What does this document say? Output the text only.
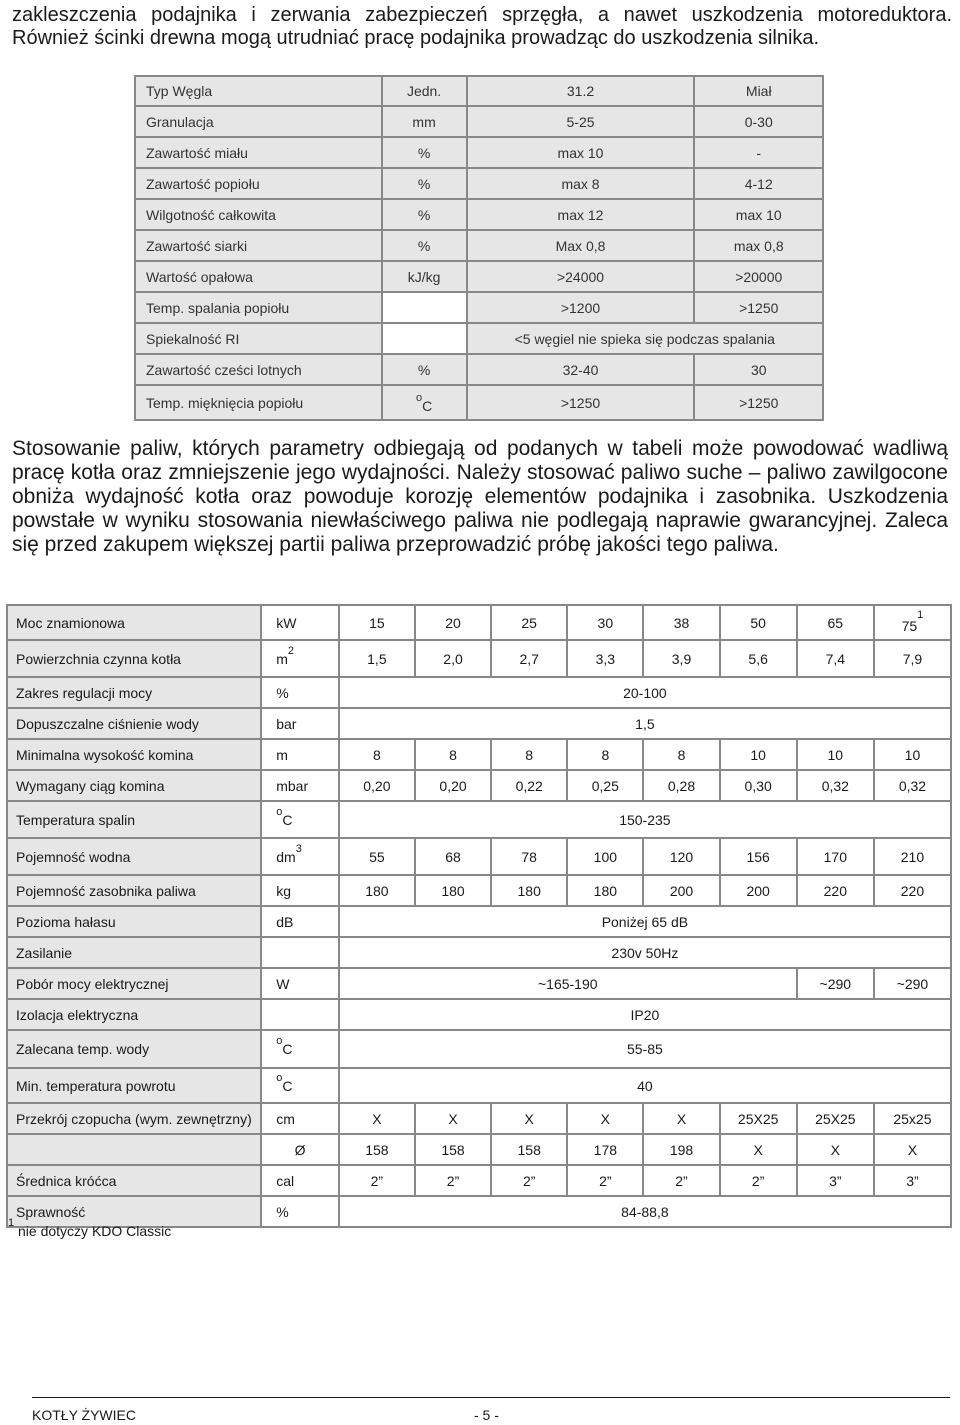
zakleszczenia podajnika i zerwania zabezpieczeń sprzęgła, a nawet uszkodzenia motoreduktora. Również ścinki drewna mogą utrudniać pracę podajnika prowadząc do uszkodzenia silnika.

Typ Węgla	Jedn.	31.2	Miał
Granulacja	mm	5-25	0-30
Zawartość miału	%	max 10	-
Zawartość popiołu	%	max 8	4-12
Wilgotność całkowita	%	max 12	max 10
Zawartość siarki	%	Max 0,8	max 0,8
Wartość opałowa	kJ/kg	>24000	>20000
Temp. spalania popiołu		>1200	>1250
Spiekalność RI		<5 węgiel nie spieka się podczas spalania	
Zawartość cześci lotnych	%	32-40	30
Temp. mięknięcia popiołu	$^o$C	>1250	>1250

Stosowanie paliw, których parametry odbiegają od podanych w tabeli może powodować wadliwą pracę kotła oraz zmniejszenie jego wydajności. Należy stosować paliwo suche – paliwo zawilgocone obniża wydajność kotła oraz powoduje korozję elementów podajnika i zasobnika. Uszkodzenia powstałe w wyniku stosowania niewłaściwego paliwa nie podlegają naprawie gwarancyjnej. Zaleca się przed zakupem większej partii paliwa przeprowadzić próbę jakości tego paliwa.

Moc znamionowa	kW	15	20	25	30	38	50	65	$75^1$
Powierzchnia czynna kotła	$m^2$	1,5	2,0	2,7	3,3	3,9	5,6	7,4	7,9
Zakres regulacji mocy	%	20-100							
Dopuszczalne ciśnienie wody	bar	1,5							
Minimalna wysokość komina	m	8	8	8	8	8	10	10	10
Wymagany ciąg komina	mbar	0,20	0,20	0,22	0,25	0,28	0,30	0,32	0,32
Temperatura spalin	$^o$C	150-235							
Pojemność wodna	$dm^3$	55	68	78	100	120	156	170	210
Pojemność zasobnika paliwa	kg	180	180	180	180	200	200	220	220
Pozioma hałasu	dB	Poniżej 65 dB							
Zasilanie		230v 50Hz							
Pobór mocy elektrycznej	W	~165-190						~290	~290
Izolacja elektryczna		IP20							
Zalecana temp. wody	$^o$C	55-85							
Min. temperatura powrotu	$^o$C	40							
Przekrój czopucha (wym. zewnętrzny)	cm	X	X	X	X	X	25X25	25X25	25x25
	Ø	158	158	158	178	198	X	X	X
Średnica króćca	cal	2”	2”	2”	2”	2”	2”	3”	3”
Sprawność	%	84-88,8							

$^1$ nie dotyczy KDO Classic

KOTŁY ŻYWIEC	- 5 -
